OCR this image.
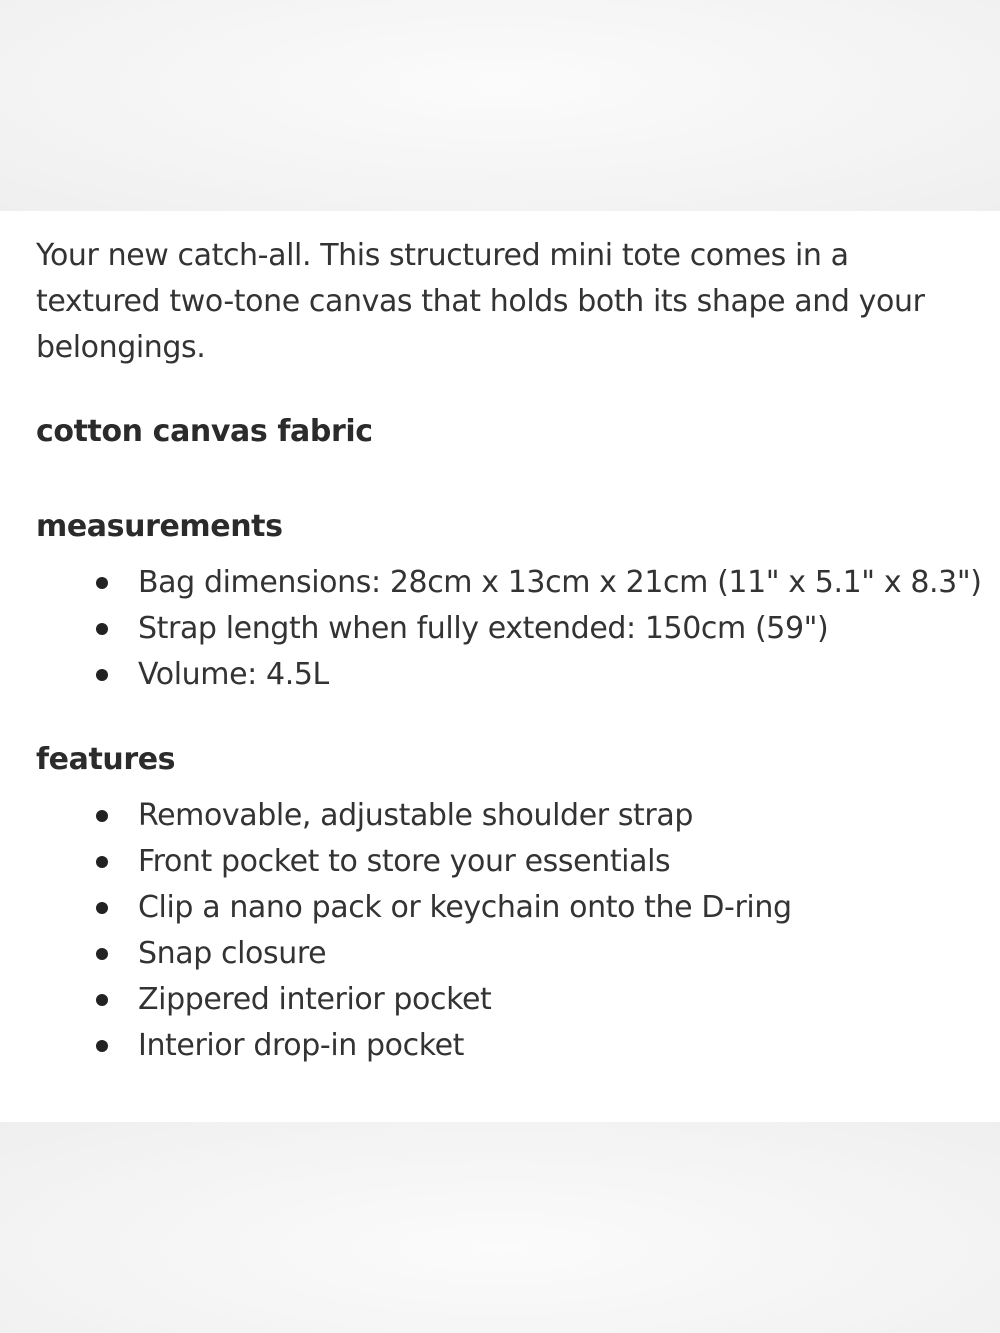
Your new catch-all. This structured mini tote comes in a textured two-tone canvas that holds both its shape and your belongings.

cotton canvas fabric
measurements
Bag dimensions: 28cm x 13cm x 21cm (11" x 5.1" x 8.3")
Strap length when fully extended: 150cm (59")
Volume: 4.5L
features
Removable, adjustable shoulder strap
Front pocket to store your essentials
Clip a nano pack or keychain onto the D-ring
Snap closure
Zippered interior pocket
Interior drop-in pocket
